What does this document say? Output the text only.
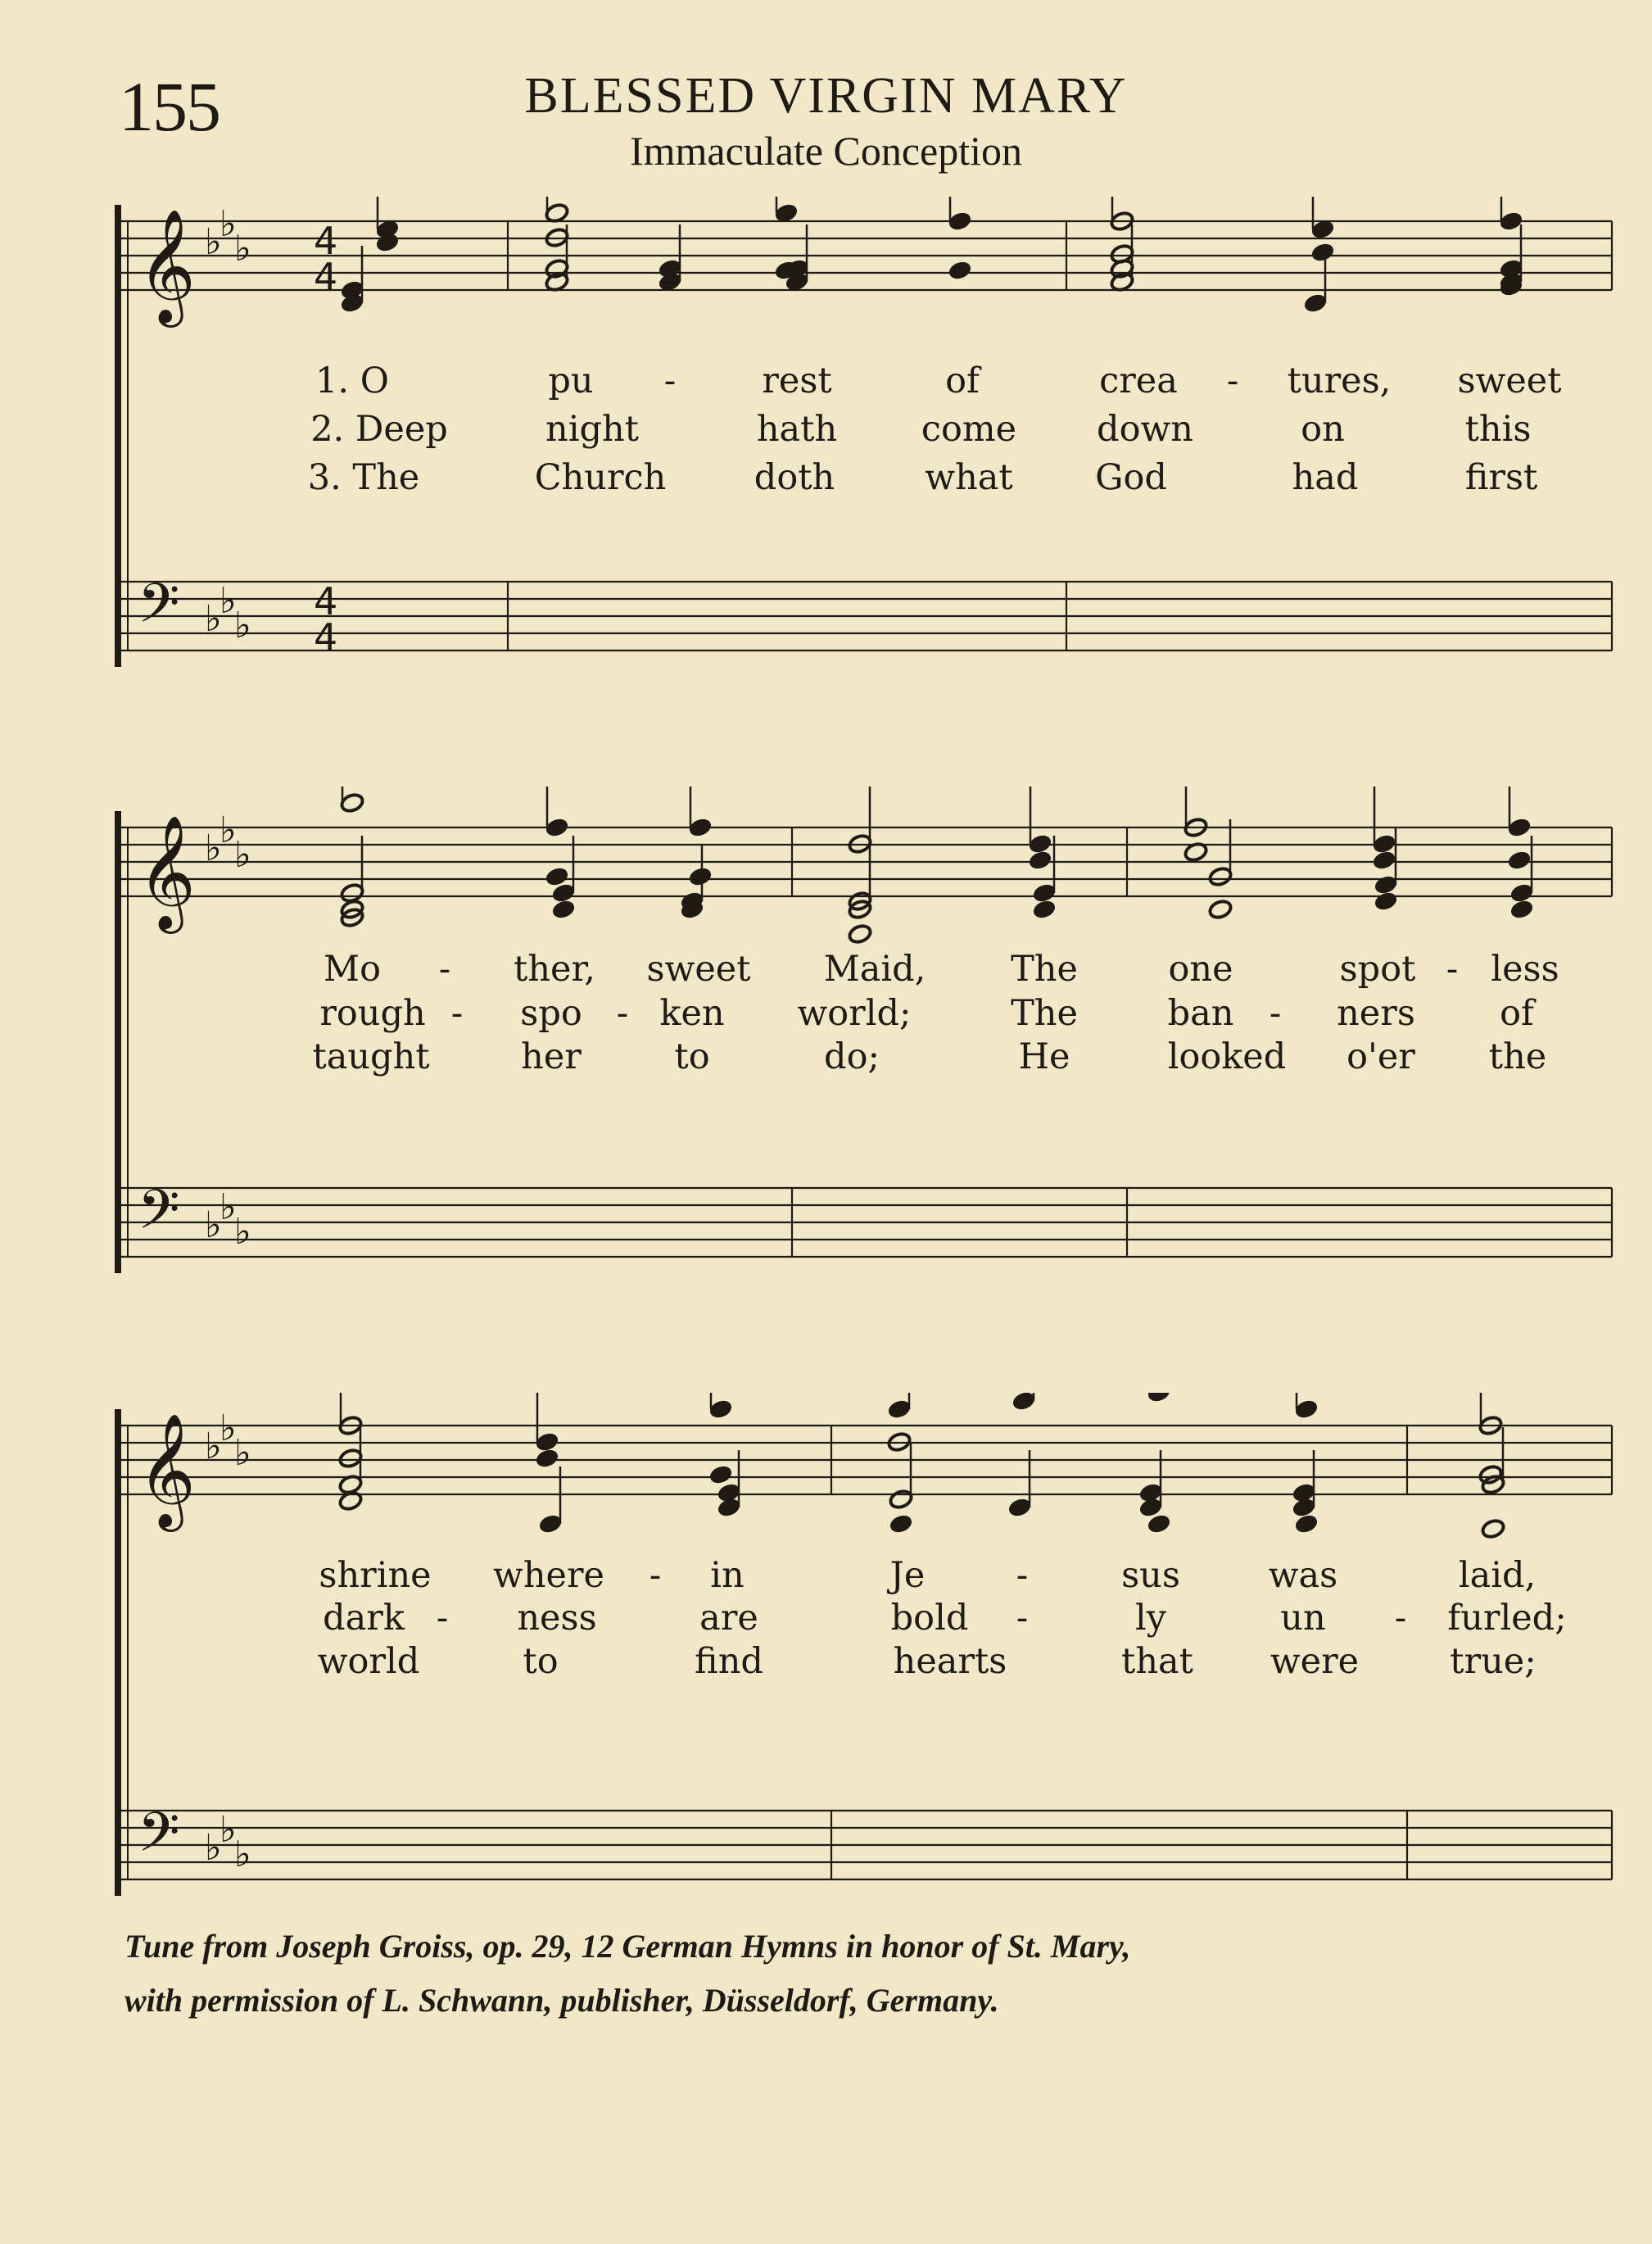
155	BLESSED VIRGIN MARY
Immaculate Conception
𝄞
𝄢
♭
♭
♭
♭
♭
♭
4
4
4
4
1. O	pu - rest	of	crea - tures, sweet
2. Deep	night	hath come down	on	this
3. The	Church doth	what God	had	first
𝄞
𝄢
♭
♭
♭
♭
♭
♭
Mo - ther, sweet Maid, The	one	spot - less
rough - spo - ken world;	The	ban - ners of
taught	her	to	do;	He	looked o'er the
𝄞
𝄢
♭
♭
♭
♭
♭
♭
shrine where - in	Je	-	sus	was	laid,
dark - ness	are	bold -	ly	un - furled;
world	to	find	hearts	that were	true;
Tune from Joseph Groiss, op. 29, 12 German Hymns in honor of St. Mary,
with permission of L. Schwann, publisher, Düsseldorf, Germany.
